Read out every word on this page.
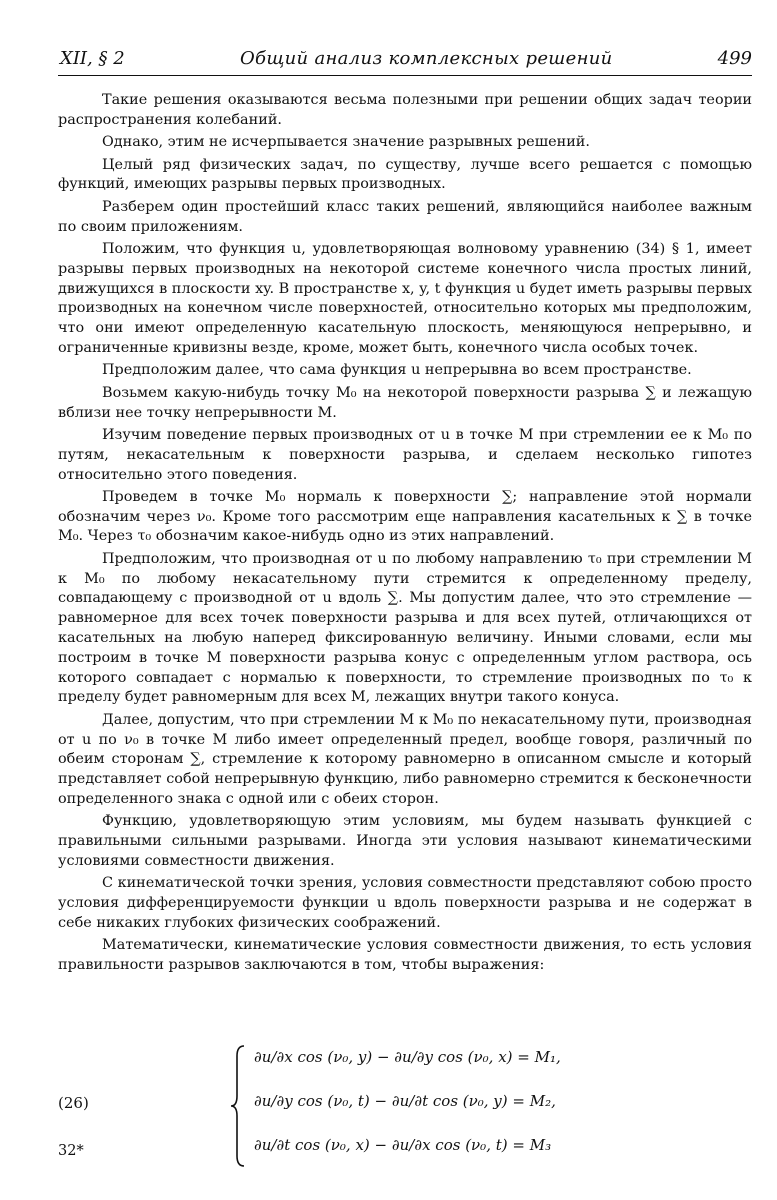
XII, § 2	Общий анализ комплексных решений	499

Такие решения оказываются весьма полезными при решении общих задач теории распространения колебаний.

Однако, этим не исчерпывается значение разрывных решений.

Целый ряд физических задач, по существу, лучше всего решается с помощью функций, имеющих разрывы первых производных.

Разберем один простейший класс таких решений, являющийся наиболее важным по своим приложениям.

Положим, что функция u, удовлетворяющая волновому уравнению (34) § 1, имеет разрывы первых производных на некоторой системе конечного числа простых линий, движущихся в плоскости xy. В пространстве x, y, t функция u будет иметь разрывы первых производных на конечном числе поверхностей, относительно которых мы предположим, что они имеют определенную касательную плоскость, меняющуюся непрерывно, и ограниченные кривизны везде, кроме, может быть, конечного числа особых точек.

Предположим далее, что сама функция u непрерывна во всем пространстве.

Возьмем какую-нибудь точку M₀ на некоторой поверхности разрыва ∑ и лежащую вблизи нее точку непрерывности M.

Изучим поведение первых производных от u в точке M при стремлении ее к M₀ по путям, некасательным к поверхности разрыва, и сделаем несколько гипотез относительно этого поведения.

Проведем в точке M₀ нормаль к поверхности ∑; направление этой нормали обозначим через ν₀. Кроме того рассмотрим еще направления касательных к ∑ в точке M₀. Через τ₀ обозначим какое-нибудь одно из этих направлений.

Предположим, что производная от u по любому направлению τ₀ при стремлении M к M₀ по любому некасательному пути стремится к определенному пределу, совпадающему с производной от u вдоль ∑. Мы допустим далее, что это стремление — равномерное для всех точек поверхности разрыва и для всех путей, отличающихся от касательных на любую наперед фиксированную величину. Иными словами, если мы построим в точке M поверхности разрыва конус с определенным углом раствора, ось которого совпадает с нормалью к поверхности, то стремление производных по τ₀ к пределу будет равномерным для всех M, лежащих внутри такого конуса.

Далее, допустим, что при стремлении M к M₀ по некасательному пути, производная от u по ν₀ в точке M либо имеет определенный предел, вообще говоря, различный по обеим сторонам ∑, стремление к которому равномерно в описанном смысле и который представляет собой непрерывную функцию, либо равномерно стремится к бесконечности определенного знака с одной или с обеих сторон.

Функцию, удовлетворяющую этим условиям, мы будем называть функцией с правильными сильными разрывами. Иногда эти условия называют кинематическими условиями совместности движения.

С кинематической точки зрения, условия совместности представляют собою просто условия дифференцируемости функции u вдоль поверхности разрыва и не содержат в себе никаких глубоких физических соображений.

Математически, кинематические условия совместности движения, то есть условия правильности разрывов заключаются в том, чтобы выражения:

(26)
∂u/∂x cos (ν₀, y) − ∂u/∂y cos (ν₀, x) = M₁,
∂u/∂y cos (ν₀, t) − ∂u/∂t cos (ν₀, y) = M₂,
∂u/∂t cos (ν₀, x) − ∂u/∂x cos (ν₀, t) = M₃
32*
